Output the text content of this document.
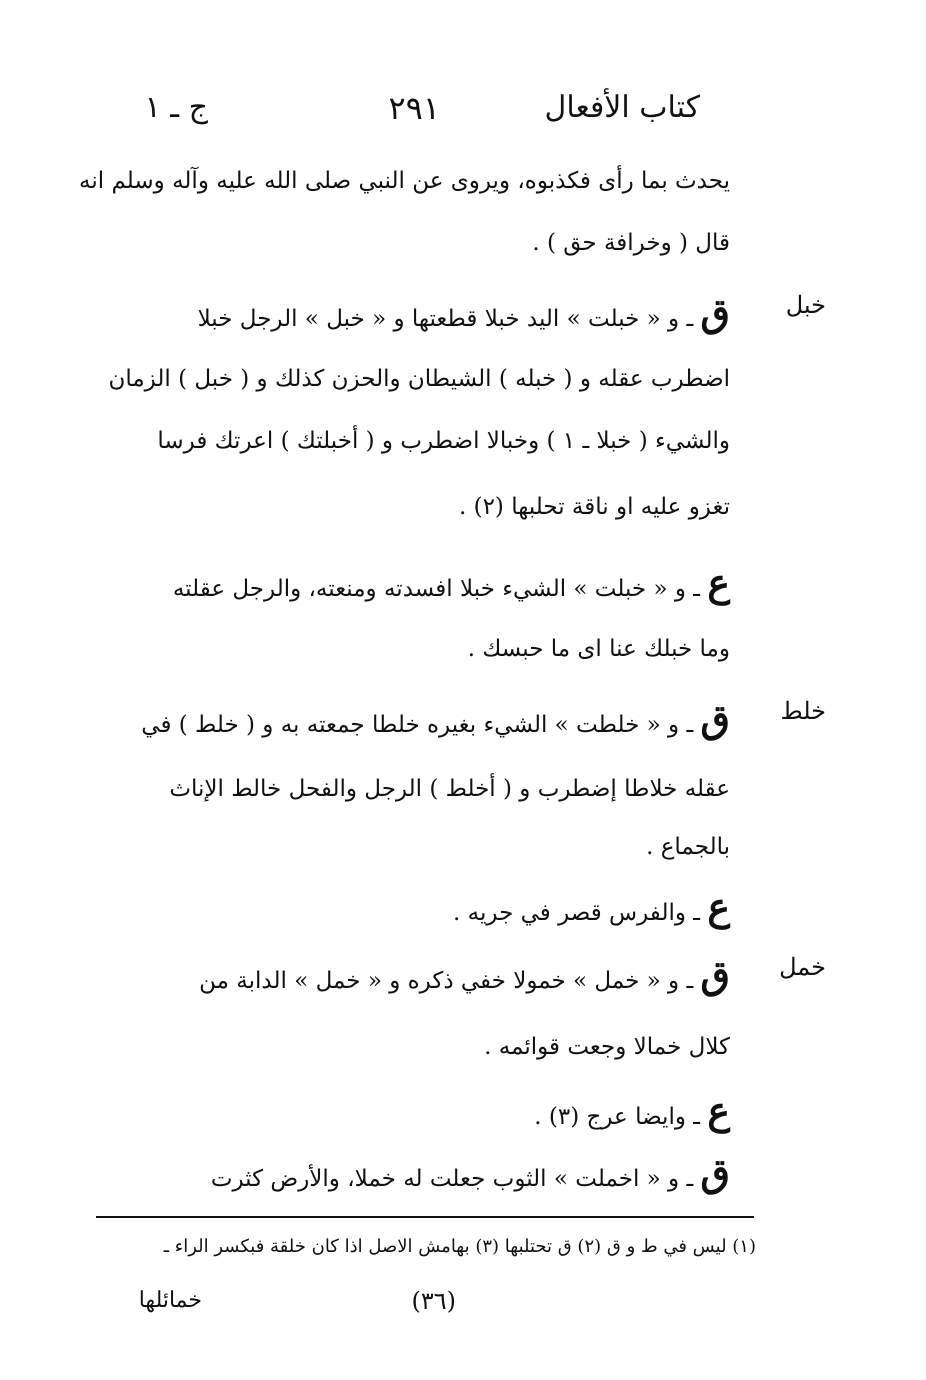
كتاب الأفعال
٢٩١
ج ـ ١
يحدث بما رأى فكذبوه، ويروى عن النبي صلى الله عليه وآله وسلم انه
قال ( وخرافة حق ) .
خبل
ق ـ و « خبلت » اليد خبلا قطعتها و « خبل » الرجل خبلا
اضطرب عقله و ( خبله ) الشيطان والحزن كذلك و ( خبل ) الزمان
والشيء ( خبلا ـ ١ ) وخبالا اضطرب و ( أخبلتك ) اعرتك فرسا
تغزو عليه او ناقة تحلبها (٢) .
ع ـ و « خبلت » الشيء خبلا افسدته ومنعته، والرجل عقلته
وما خبلك عنا اى ما حبسك .
خلط
ق ـ و « خلطت » الشيء بغيره خلطا جمعته به و ( خلط ) في
عقله خلاطا إضطرب و ( أخلط ) الرجل والفحل خالط الإناث
بالجماع .
ع ـ والفرس قصر في جريه .
خمل
ق ـ و « خمل » خمولا خفي ذكره و « خمل » الدابة من
كلال خمالا وجعت قوائمه .
ع ـ وايضا عرج (٣) .
ق ـ و « اخملت » الثوب جعلت له خملا، والأرض كثرت
(١) ليس في ط و ق (٢) ق تحتلبها (٣) بهامش الاصل اذا كان خلقة فبكسر الراء ـ
(٣٦)
خمائلها
